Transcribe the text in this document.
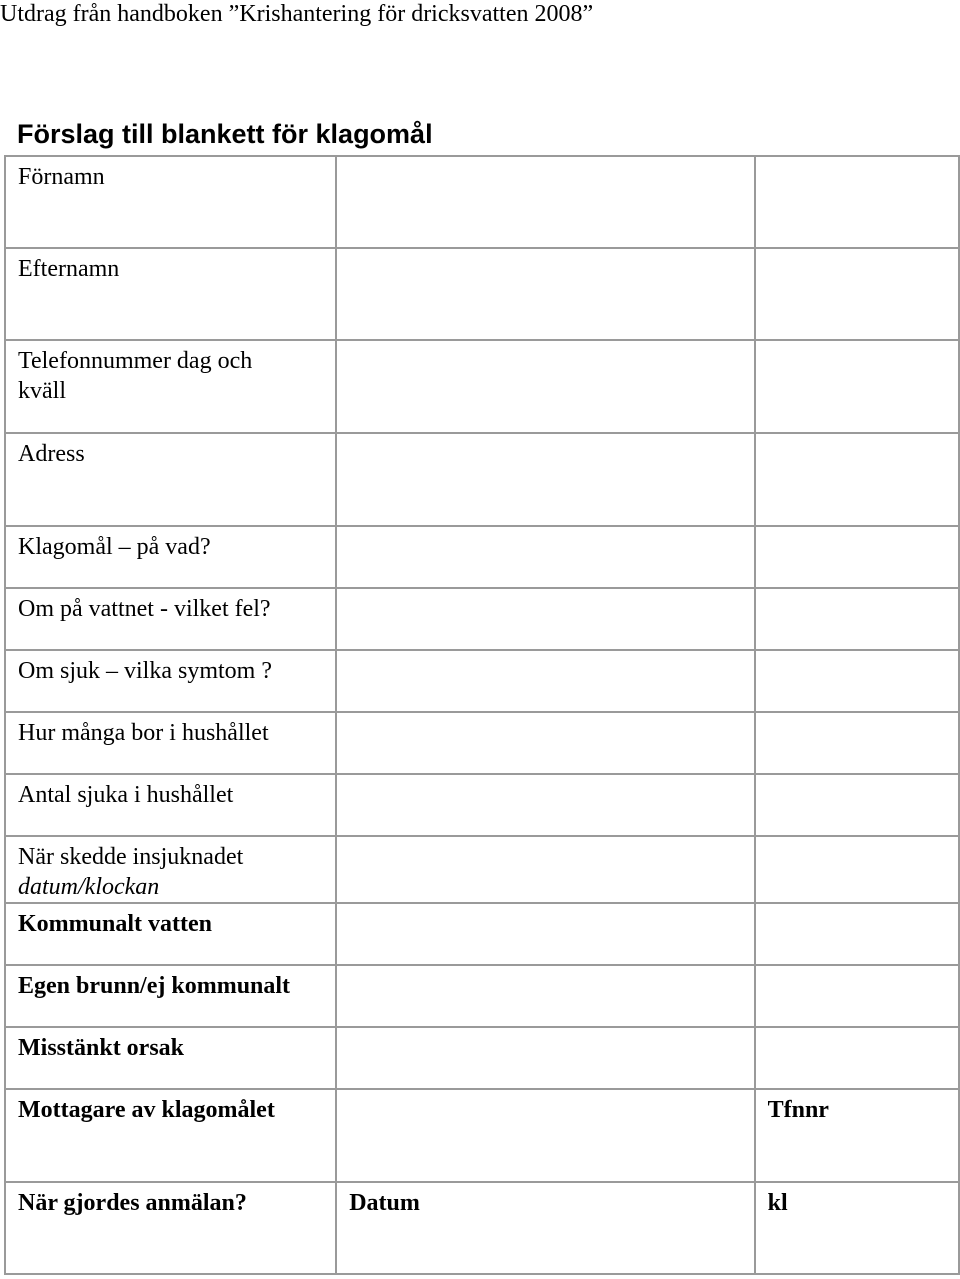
Utdrag från handboken ”Krishantering för dricksvatten 2008”
Förslag till blankett för klagomål
Förnamn		
Efternamn		
Telefonnummer dag och
kväll		
Adress		
Klagomål – på vad?		
Om på vattnet - vilket fel?		
Om sjuk – vilka symtom ?		
Hur många bor i hushållet		
Antal sjuka i hushållet		
När skedde insjuknadet
datum/klockan		

Kommunalt vatten		
Egen brunn/ej kommunalt		
Misstänkt orsak		
Mottagare av klagomålet		Tfnnr
När gjordes anmälan?	Datum	kl
